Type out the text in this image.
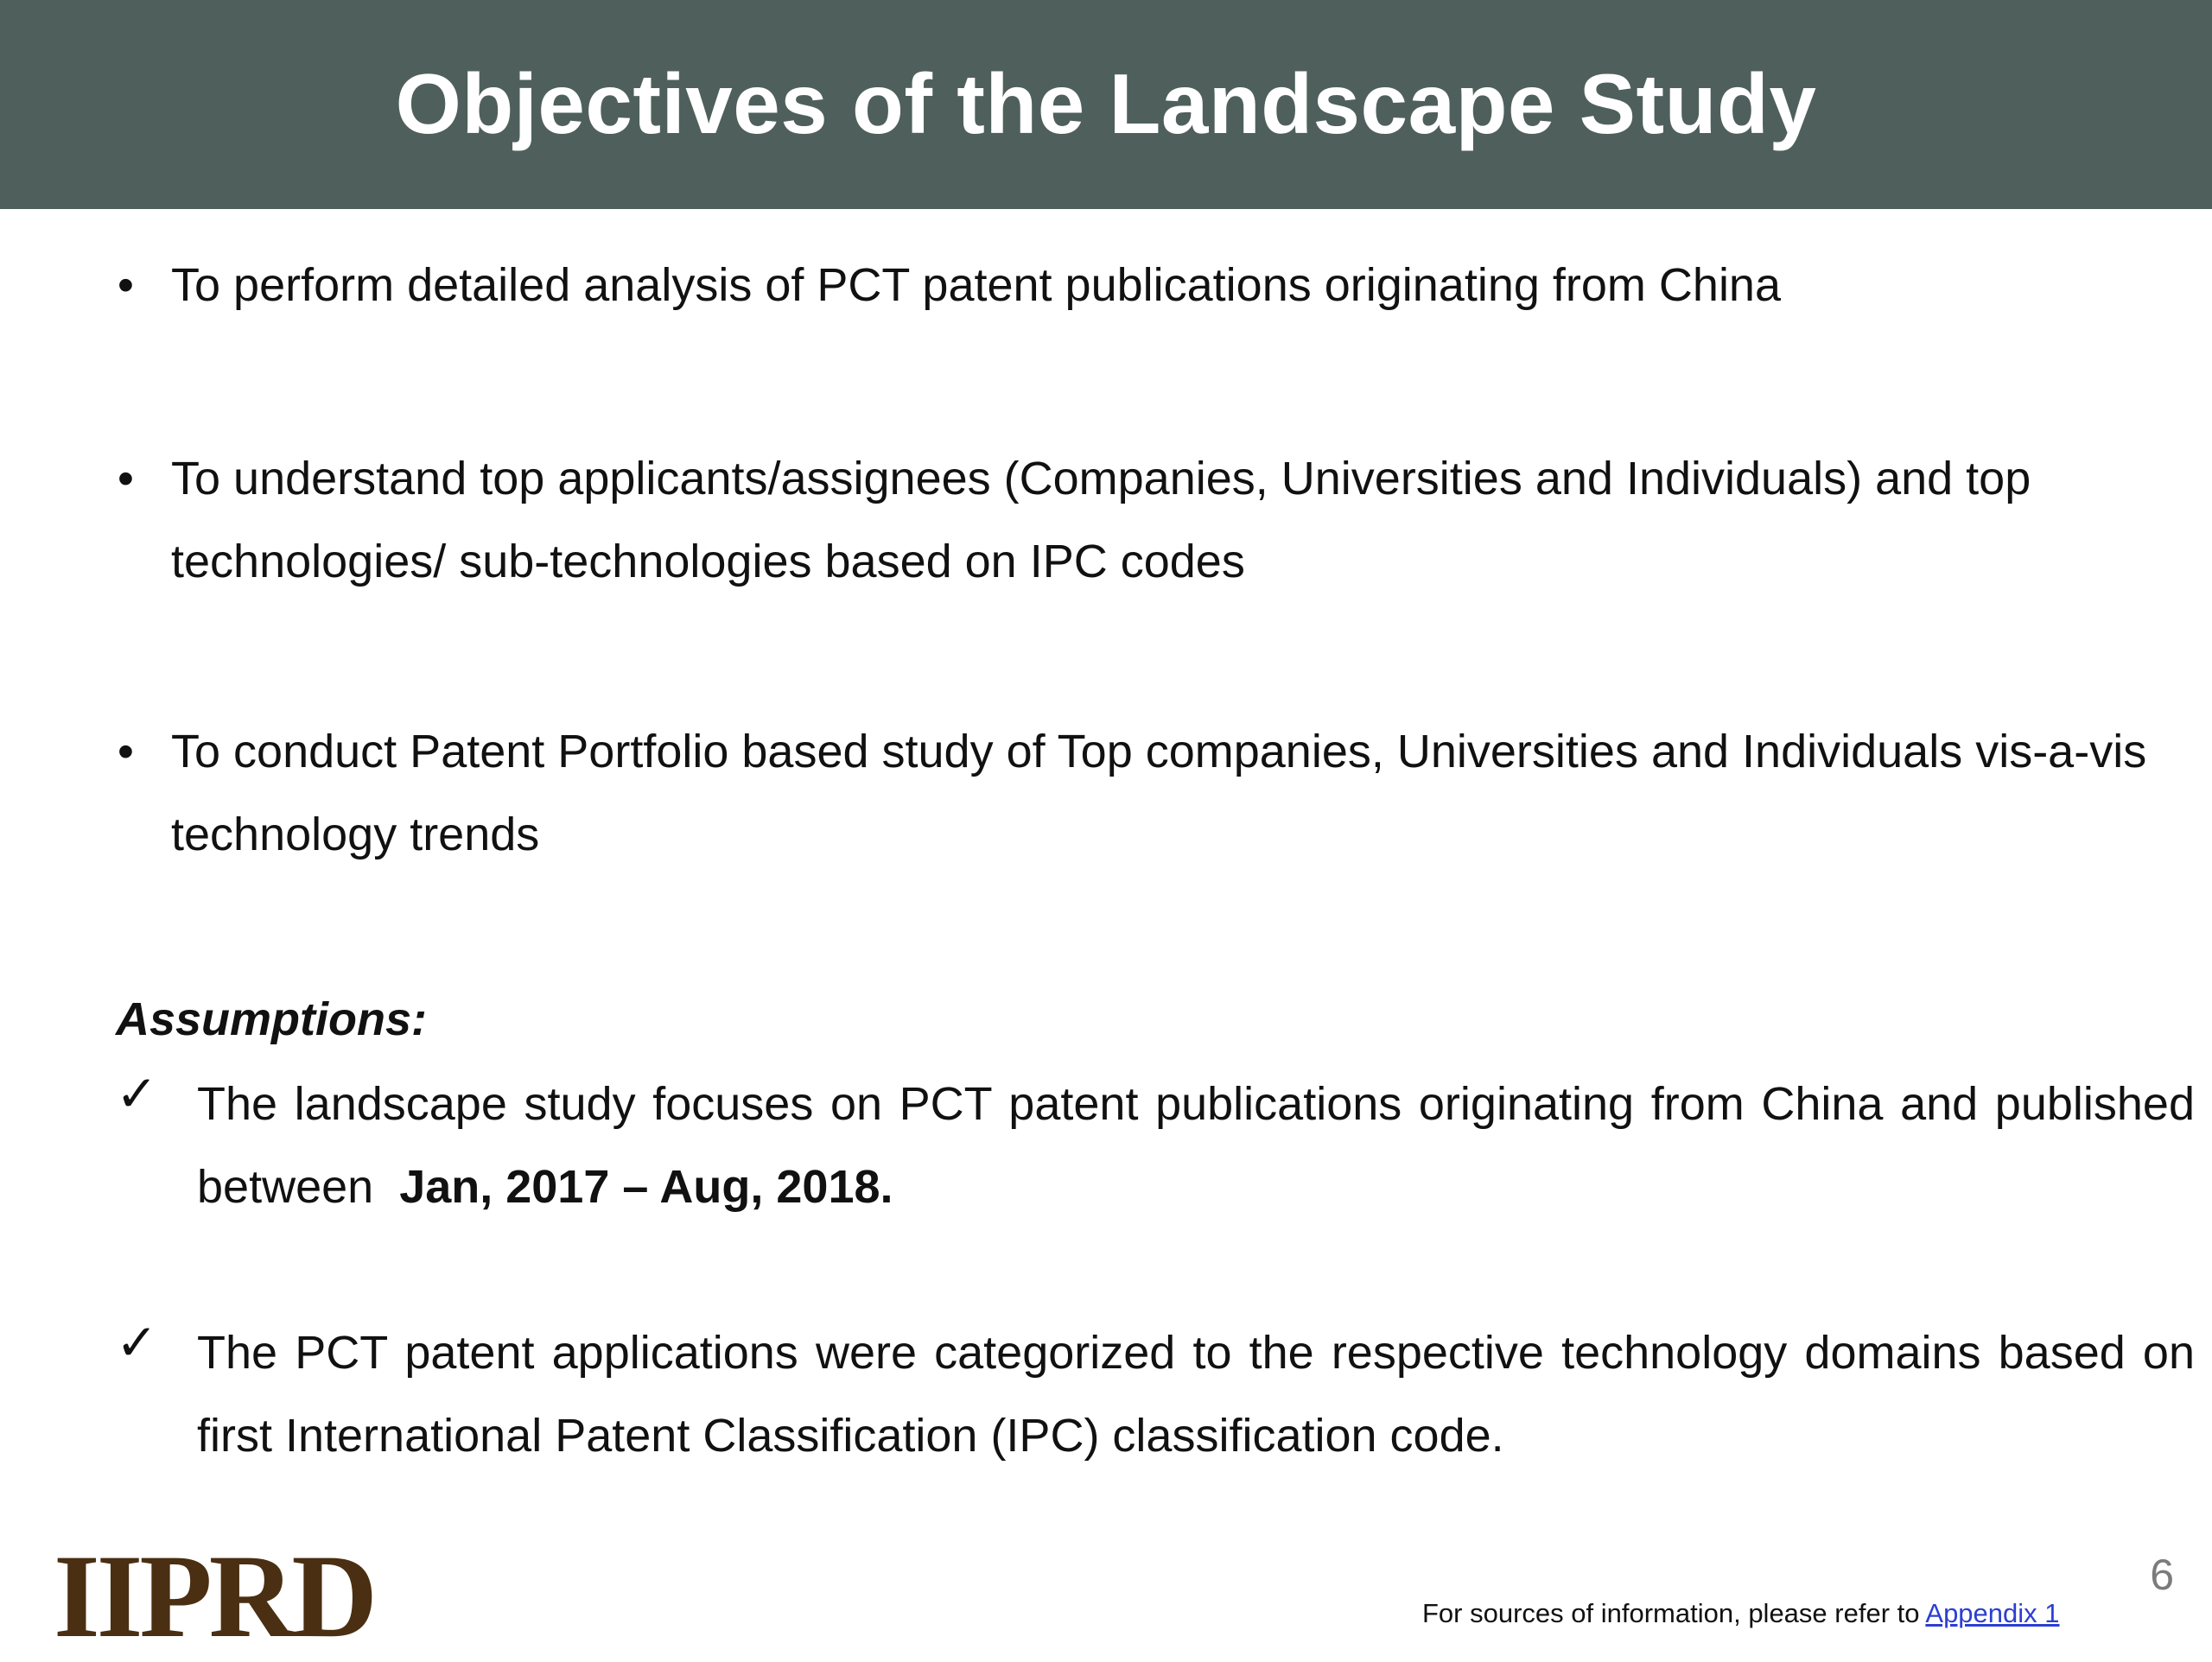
Objectives of the Landscape Study
• To perform detailed analysis of PCT patent publications originating from China
• To understand top applicants/assignees (Companies, Universities and Individuals) and top technologies/ sub-technologies based on IPC codes
• To conduct Patent Portfolio based study of Top companies, Universities and Individuals vis-a-vis technology trends
Assumptions:
✓ The landscape study focuses on PCT patent publications originating from China and published between Jan, 2017 – Aug, 2018.
✓ The PCT patent applications were categorized to the respective technology domains based on first International Patent Classification (IPC) classification code.
IIPRD	For sources of information, please refer to Appendix 1
6
